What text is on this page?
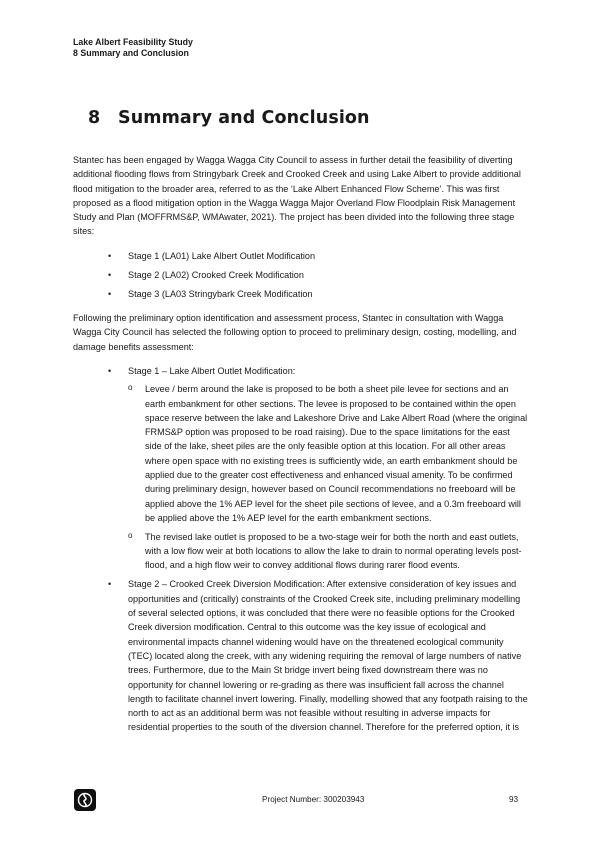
Lake Albert Feasibility Study
8 Summary and Conclusion
8 Summary and Conclusion

Stantec has been engaged by Wagga Wagga City Council to assess in further detail the feasibility of diverting additional flooding flows from Stringybark Creek and Crooked Creek and using Lake Albert to provide additional flood mitigation to the broader area, referred to as the ‘Lake Albert Enhanced Flow Scheme’. This was first proposed as a flood mitigation option in the Wagga Wagga Major Overland Flow Floodplain Risk Management Study and Plan (MOFFRMS&P, WMAwater, 2021). The project has been divided into the following three stage sites:

• Stage 1 (LA01) Lake Albert Outlet Modification
• Stage 2 (LA02) Crooked Creek Modification
• Stage 3 (LA03 Stringybark Creek Modification

Following the preliminary option identification and assessment process, Stantec in consultation with Wagga Wagga City Council has selected the following option to proceed to preliminary design, costing, modelling, and damage benefits assessment:

• Stage 1 – Lake Albert Outlet Modification:
o Levee / berm around the lake is proposed to be both a sheet pile levee for sections and an earth embankment for other sections. The levee is proposed to be contained within the open space reserve between the lake and Lakeshore Drive and Lake Albert Road (where the original FRMS&P option was proposed to be road raising). Due to the space limitations for the east side of the lake, sheet piles are the only feasible option at this location. For all other areas where open space with no existing trees is sufficiently wide, an earth embankment should be applied due to the greater cost effectiveness and enhanced visual amenity. To be confirmed during preliminary design, however based on Council recommendations no freeboard will be applied above the 1% AEP level for the sheet pile sections of levee, and a 0.3m freeboard will be applied above the 1% AEP level for the earth embankment sections.
o The revised lake outlet is proposed to be a two-stage weir for both the north and east outlets, with a low flow weir at both locations to allow the lake to drain to normal operating levels post-flood, and a high flow weir to convey additional flows during rarer flood events.
• Stage 2 – Crooked Creek Diversion Modification: After extensive consideration of key issues and opportunities and (critically) constraints of the Crooked Creek site, including preliminary modelling of several selected options, it was concluded that there were no feasible options for the Crooked Creek diversion modification. Central to this outcome was the key issue of ecological and environmental impacts channel widening would have on the threatened ecological community (TEC) located along the creek, with any widening requiring the removal of large numbers of native trees. Furthermore, due to the Main St bridge invert being fixed downstream there was no opportunity for channel lowering or re-grading as there was insufficient fall across the channel length to facilitate channel invert lowering. Finally, modelling showed that any footpath raising to the north to act as an additional berm was not feasible without resulting in adverse impacts for residential properties to the south of the diversion channel. Therefore for the preferred option, it is
Project Number: 300203943	93
